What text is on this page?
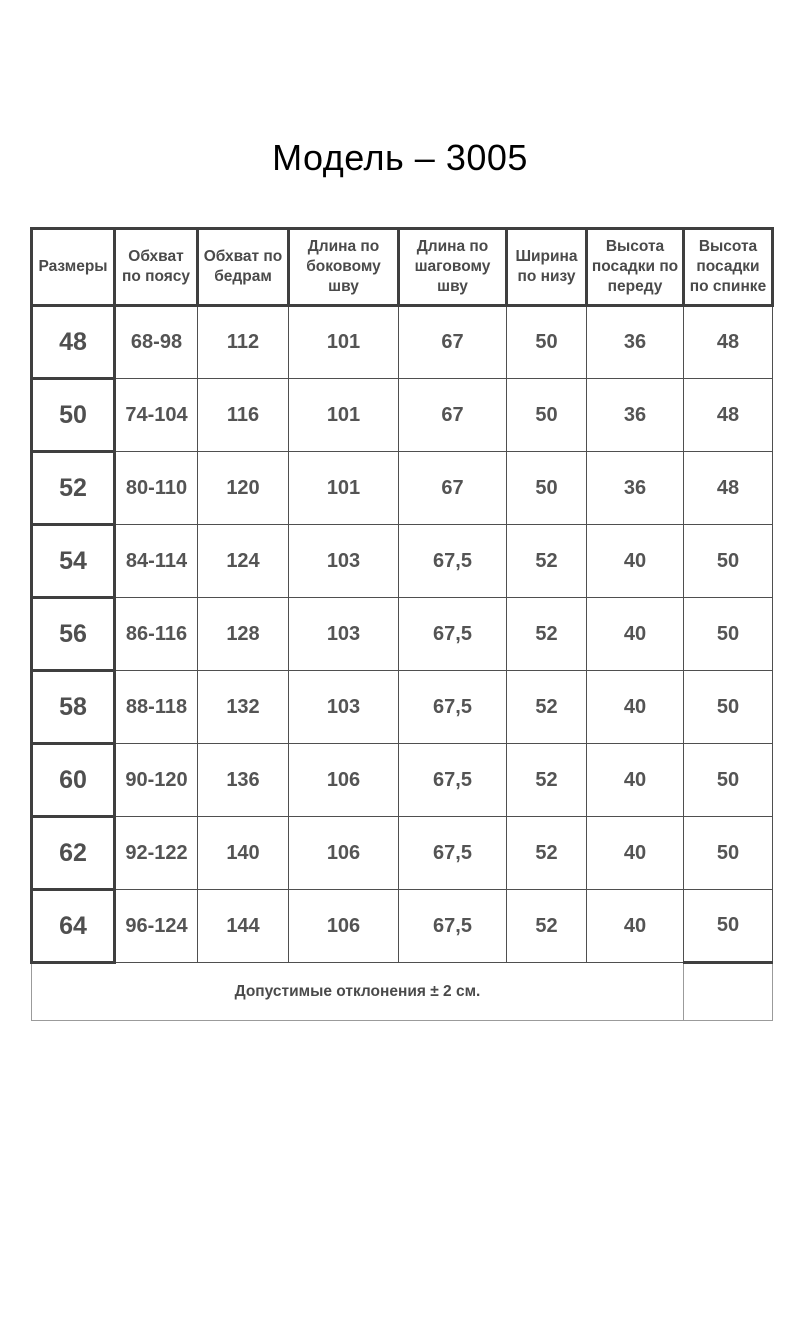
Модель – 3005
Размеры	Обхват по поясу	Обхват по бедрам	Длина по боковому шву	Длина по шаговому шву	Ширина по низу	Высота посадки по переду	Высота посадки по спинке
48	68-98	112	101	67	50	36	48
50	74-104	116	101	67	50	36	48
52	80-110	120	101	67	50	36	48
54	84-114	124	103	67,5	52	40	50
56	86-116	128	103	67,5	52	40	50
58	88-118	132	103	67,5	52	40	50
60	90-120	136	106	67,5	52	40	50
62	92-122	140	106	67,5	52	40	50
64	96-124	144	106	67,5	52	40	50
Допустимые отклонения ± 2 см.							
